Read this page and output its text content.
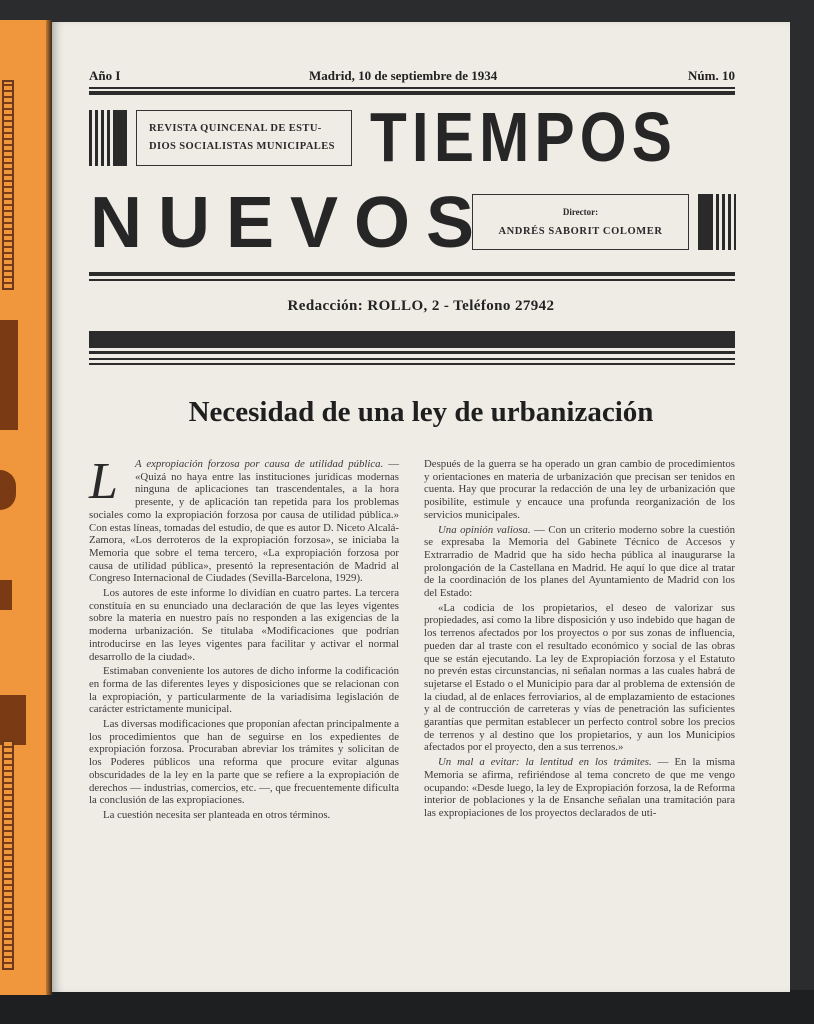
Año I	Madrid, 10 de septiembre de 1934	Núm. 10
REVISTA QUINCENAL DE ESTU-
DIOS SOCIALISTAS MUNICIPALES TIEMPOS
NUEVOS	Director:
ANDRÉS SABORIT COLOMER
Redacción: ROLLO, 2 - Teléfono 27942
Necesidad de una ley de urbanización

L	A expropiación forzosa por causa de utilidad pública. — «Quizá no haya entre las instituciones jurídicas modernas ninguna de aplicaciones tan trascendentales, a la hora presente, y de aplicación tan repetida para los problemas sociales como la expropiación forzosa por causa de utilidad pública.» Con estas líneas, tomadas del estudio, de que es autor D. Niceto Alcalá-Zamora, «Los derroteros de la expropiación forzosa», se iniciaba la Memoria que sobre el tema tercero, «La expropiación forzosa por causa de utilidad pública», presentó la representación de Madrid al Congreso Internacional de Ciudades (Sevilla-Barcelona, 1929).

Los autores de este informe lo dividían en cuatro partes. La tercera constituía en su enunciado una declaración de que las leyes vigentes sobre la materia en nuestro país no responden a las exigencias de la moderna urbanización. Se titulaba «Modificaciones que podrían introducirse en las leyes vigentes para facilitar y activar el normal desarrollo de la ciudad».

Estimaban conveniente los autores de dicho informe la codificación en forma de las diferentes leyes y disposiciones que se relacionan con la expropiación, y particularmente de la variadísima legislación de carácter estrictamente municipal.

Las diversas modificaciones que proponían afectan principalmente a los procedimientos que han de seguirse en los expedientes de expropiación forzosa. Procuraban abreviar los trámites y solicitan de los Poderes públicos una reforma que procure evitar algunas obscuridades de la ley en la parte que se refiere a la expropiación de derechos — industrias, comercios, etc. —, que frecuentemente dificulta la conclusión de las expropiaciones.

La cuestión necesita ser planteada en otros términos.

Después de la guerra se ha operado un gran cambio de procedimientos y orientaciones en materia de urbanización que precisan ser tenidos en cuenta. Hay que procurar la redacción de una ley de urbanización que posibilite, estimule y encauce una profunda reorganización de los servicios municipales.

Una opinión valiosa. — Con un criterio moderno sobre la cuestión se expresaba la Memoria del Gabinete Técnico de Accesos y Extrarradio de Madrid que ha sido hecha pública al inaugurarse la prolongación de la Castellana en Madrid. He aquí lo que dice al tratar de la coordinación de los planes del Ayuntamiento de Madrid con los del Estado:

«La codicia de los propietarios, el deseo de valorizar sus propiedades, así como la libre disposición y uso indebido que hagan de los terrenos afectados por los proyectos o por sus zonas de influencia, pueden dar al traste con el resultado económico y social de las obras que se están ejecutando. La ley de Expropiación forzosa y el Estatuto no prevén estas circunstancias, ni señalan normas a las cuales habrá de sujetarse el Estado o el Municipio para dar al problema de extensión de la ciudad, al de enlaces ferroviarios, al de emplazamiento de estaciones y al de contrucción de carreteras y vías de penetración las suficientes garantías que permitan establecer un perfecto control sobre los precios de terrenos y al destino que los propietarios, y aun los Municipios afectados por el proyecto, den a sus terrenos.»

Un mal a evitar: la lentitud en los trámites. — En la misma Memoria se afirma, refiriéndose al tema concreto de que me vengo ocupando: «Desde luego, la ley de Expropiación forzosa, la de Reforma interior de poblaciones y la de Ensanche señalan una tramitación para las expropiaciones de los proyectos declarados de uti-
